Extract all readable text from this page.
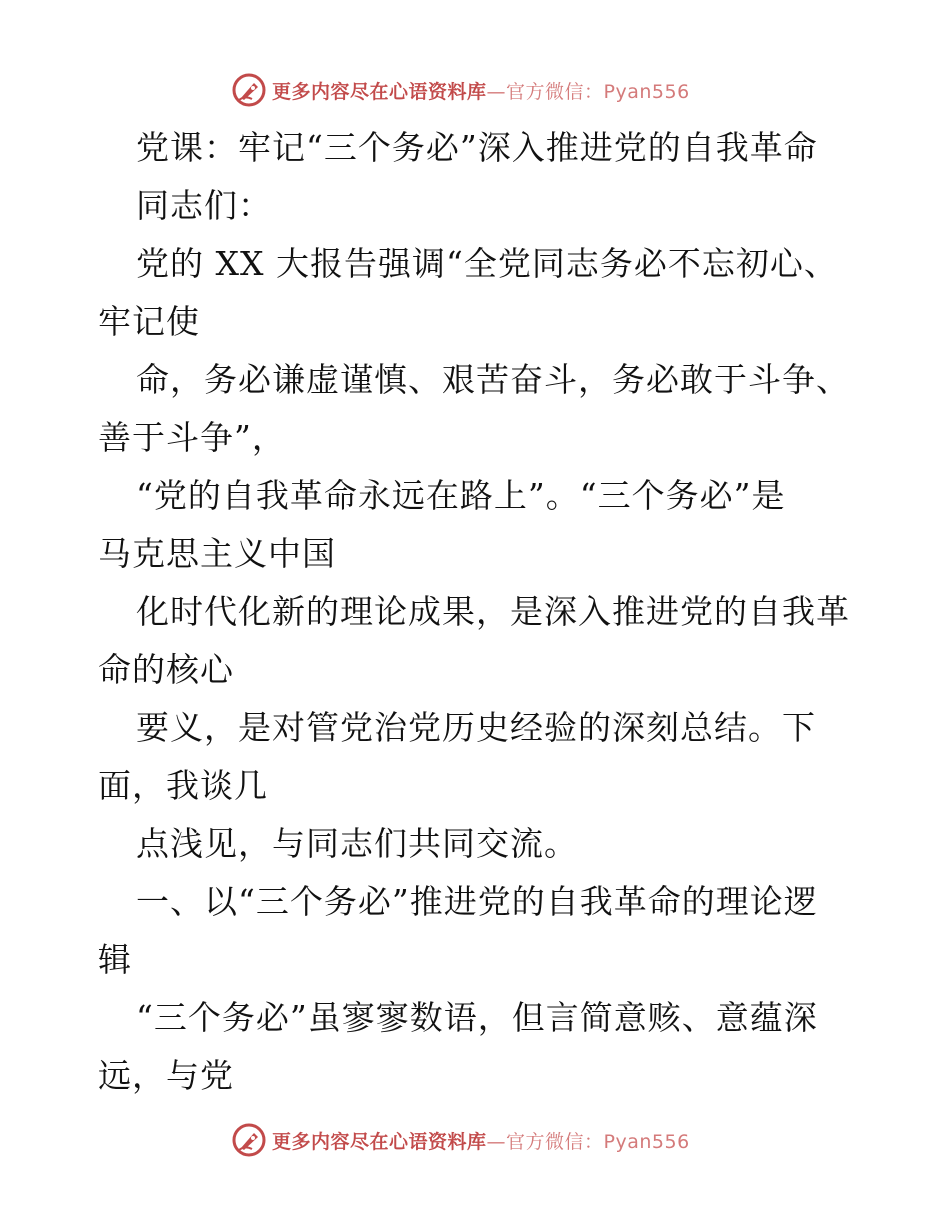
更多内容尽在心语资料库 —官方微信：Pyan556
党课：牢记“三个务必”深入推进党的自我革命
同志们：
党的 XX 大报告强调“全党同志务必不忘初心、
牢记使
命，务必谦虚谨慎、艰苦奋斗，务必敢于斗争、
善于斗争”，
“党的自我革命永远在路上”。“三个务必”是
马克思主义中国
化时代化新的理论成果，是深入推进党的自我革
命的核心
要义，是对管党治党历史经验的深刻总结。下
面，我谈几
点浅见，与同志们共同交流。
一、以“三个务必”推进党的自我革命的理论逻
辑
“三个务必”虽寥寥数语，但言简意赅、意蕴深
远，与党
更多内容尽在心语资料库 —官方微信：Pyan556
